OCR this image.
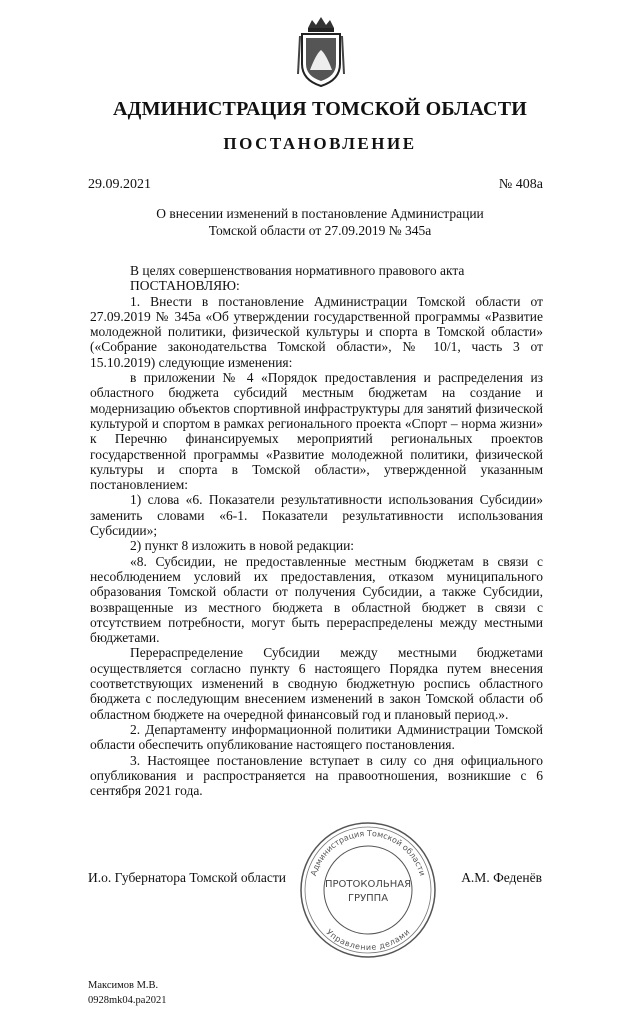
АДМИНИСТРАЦИЯ ТОМСКОЙ ОБЛАСТИ
ПОСТАНОВЛЕНИЕ
29.09.2021	№ 408а
О внесении изменений в постановление Администрации
Томской области от 27.09.2019 № 345а

В целях совершенствования нормативного правового акта

ПОСТАНОВЛЯЮ:

1. Внести в постановление Администрации Томской области от 27.09.2019 № 345а «Об утверждении государственной программы «Развитие молодежной политики, физической культуры и спорта в Томской области» («Собрание законодательства Томской области», № 10/1, часть 3 от 15.10.2019) следующие изменения:

в приложении № 4 «Порядок предоставления и распределения из областного бюджета субсидий местным бюджетам на создание и модернизацию объектов спортивной инфраструктуры для занятий физической культурой и спортом в рамках регионального проекта «Спорт – норма жизни» к Перечню финансируемых мероприятий региональных проектов государственной программы «Развитие молодежной политики, физической культуры и спорта в Томской области», утвержденной указанным постановлением:

1) слова «6. Показатели результативности использования Субсидии» заменить словами «6-1. Показатели результативности использования Субсидии»;

2) пункт 8 изложить в новой редакции:

«8. Субсидии, не предоставленные местным бюджетам в связи с несоблюдением условий их предоставления, отказом муниципального образования Томской области от получения Субсидии, а также Субсидии, возвращенные из местного бюджета в областной бюджет в связи с отсутствием потребности, могут быть перераспределены между местными бюджетами.

Перераспределение Субсидии между местными бюджетами осуществляется согласно пункту 6 настоящего Порядка путем внесения соответствующих изменений в сводную бюджетную роспись областного бюджета с последующим внесением изменений в закон Томской области об областном бюджете на очередной финансовый год и плановый период.».

2. Департаменту информационной политики Администрации Томской области обеспечить опубликование настоящего постановления.

3. Настоящее постановление вступает в силу со дня официального опубликования и распространяется на правоотношения, возникшие с 6 сентября 2021 года.

И.о. Губернатора Томской области	Администрация Томской области
Управление делами
ПРОТОКОЛЬНАЯ
ГРУППА
А.М. Феденёв
Максимов М.В.
0928mk04.ра2021
